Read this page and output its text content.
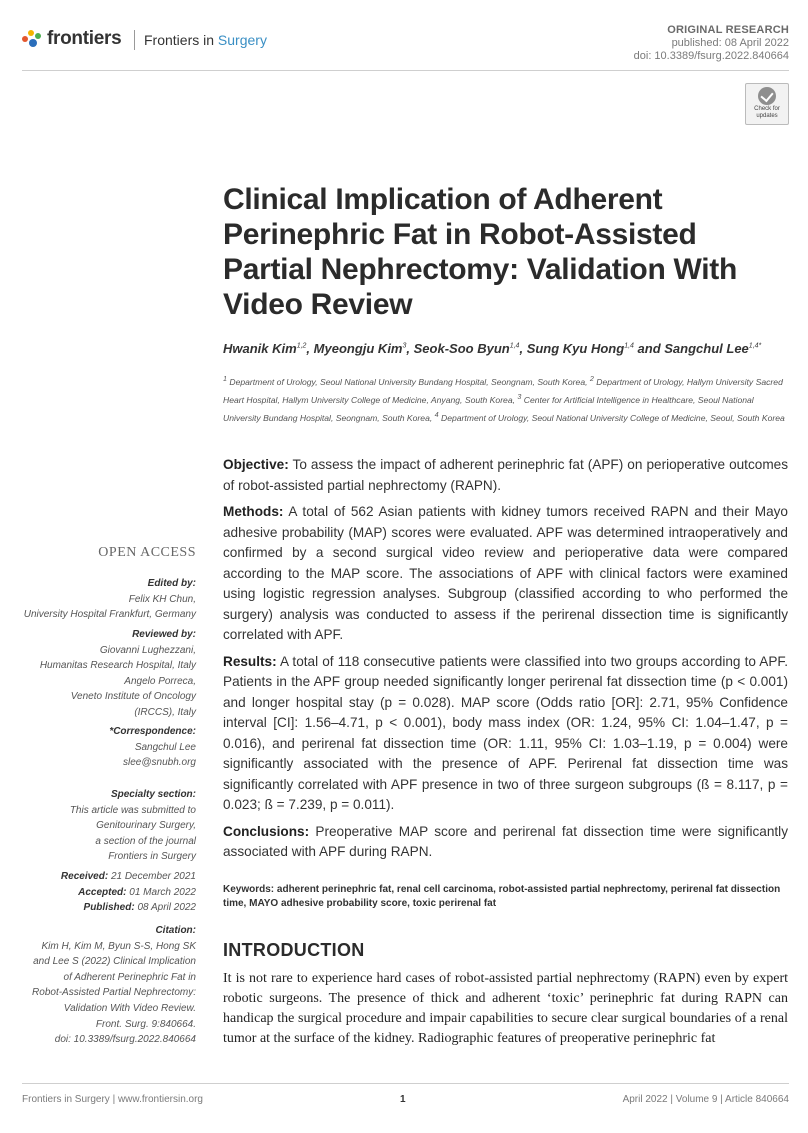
frontiers Frontiers in Surgery
ORIGINAL RESEARCH
published: 08 April 2022
doi: 10.3389/fsurg.2022.840664
Check for updates
Clinical Implication of Adherent Perinephric Fat in Robot-Assisted Partial Nephrectomy: Validation With Video Review
Hwanik Kim$^{1,2}$, Myeongju Kim$^3$, Seok-Soo Byun$^{1,4}$, Sung Kyu Hong$^{1,4}$ and Sangchul Lee$^{1,4*}$
$^1$ Department of Urology, Seoul National University Bundang Hospital, Seongnam, South Korea, $^2$ Department of Urology, Hallym University Sacred Heart Hospital, Hallym University College of Medicine, Anyang, South Korea, $^3$ Center for Artificial Intelligence in Healthcare, Seoul National University Bundang Hospital, Seongnam, South Korea, $^4$ Department of Urology, Seoul National University College of Medicine, Seoul, South Korea

Objective: To assess the impact of adherent perinephric fat (APF) on perioperative outcomes of robot-assisted partial nephrectomy (RAPN).

Methods: A total of 562 Asian patients with kidney tumors received RAPN and their Mayo adhesive probability (MAP) scores were evaluated. APF was determined intraoperatively and confirmed by a second surgical video review and perioperative data were compared according to the MAP score. The associations of APF with clinical factors were examined using logistic regression analyses. Subgroup (classified according to who performed the surgery) analysis was conducted to assess if the perirenal dissection time is significantly correlated with APF.

Results: A total of 118 consecutive patients were classified into two groups according to APF. Patients in the APF group needed significantly longer perirenal fat dissection time (p < 0.001) and longer hospital stay (p = 0.028). MAP score (Odds ratio [OR]: 2.71, 95% Confidence interval [CI]: 1.56–4.71, p < 0.001), body mass index (OR: 1.24, 95% CI: 1.04–1.47, p = 0.016), and perirenal fat dissection time (OR: 1.11, 95% CI: 1.03–1.19, p = 0.004) were significantly associated with the presence of APF. Perirenal fat dissection time was significantly correlated with APF presence in two of three surgeon subgroups (ß = 8.117, p = 0.023; ß = 7.239, p = 0.011).

Conclusions: Preoperative MAP score and perirenal fat dissection time were significantly associated with APF during RAPN.

Keywords: adherent perinephric fat, renal cell carcinoma, robot-assisted partial nephrectomy, perirenal fat dissection time, MAYO adhesive probability score, toxic perirenal fat
INTRODUCTION
It is not rare to experience hard cases of robot-assisted partial nephrectomy (RAPN) even by expert robotic surgeons. The presence of thick and adherent ‘toxic’ perinephric fat during RAPN can handicap the surgical procedure and impair capabilities to secure clear surgical boundaries of a renal tumor at the surface of the kidney. Radiographic features of preoperative perinephric fat
OPEN ACCESS
Edited by:
Felix KH Chun,
University Hospital Frankfurt, Germany
Reviewed by:
Giovanni Lughezzani,
Humanitas Research Hospital, Italy
Angelo Porreca,
Veneto Institute of Oncology
(IRCCS), Italy
*Correspondence:
Sangchul Lee
slee@snubh.org
Specialty section:
This article was submitted to
Genitourinary Surgery,
a section of the journal
Frontiers in Surgery
Received: 21 December 2021
Accepted: 01 March 2022
Published: 08 April 2022
Citation:
Kim H, Kim M, Byun S-S, Hong SK
and Lee S (2022) Clinical Implication
of Adherent Perinephric Fat in
Robot-Assisted Partial Nephrectomy:
Validation With Video Review.
Front. Surg. 9:840664.
doi: 10.3389/fsurg.2022.840664
Frontiers in Surgery | www.frontiersin.org	1	April 2022 | Volume 9 | Article 840664
